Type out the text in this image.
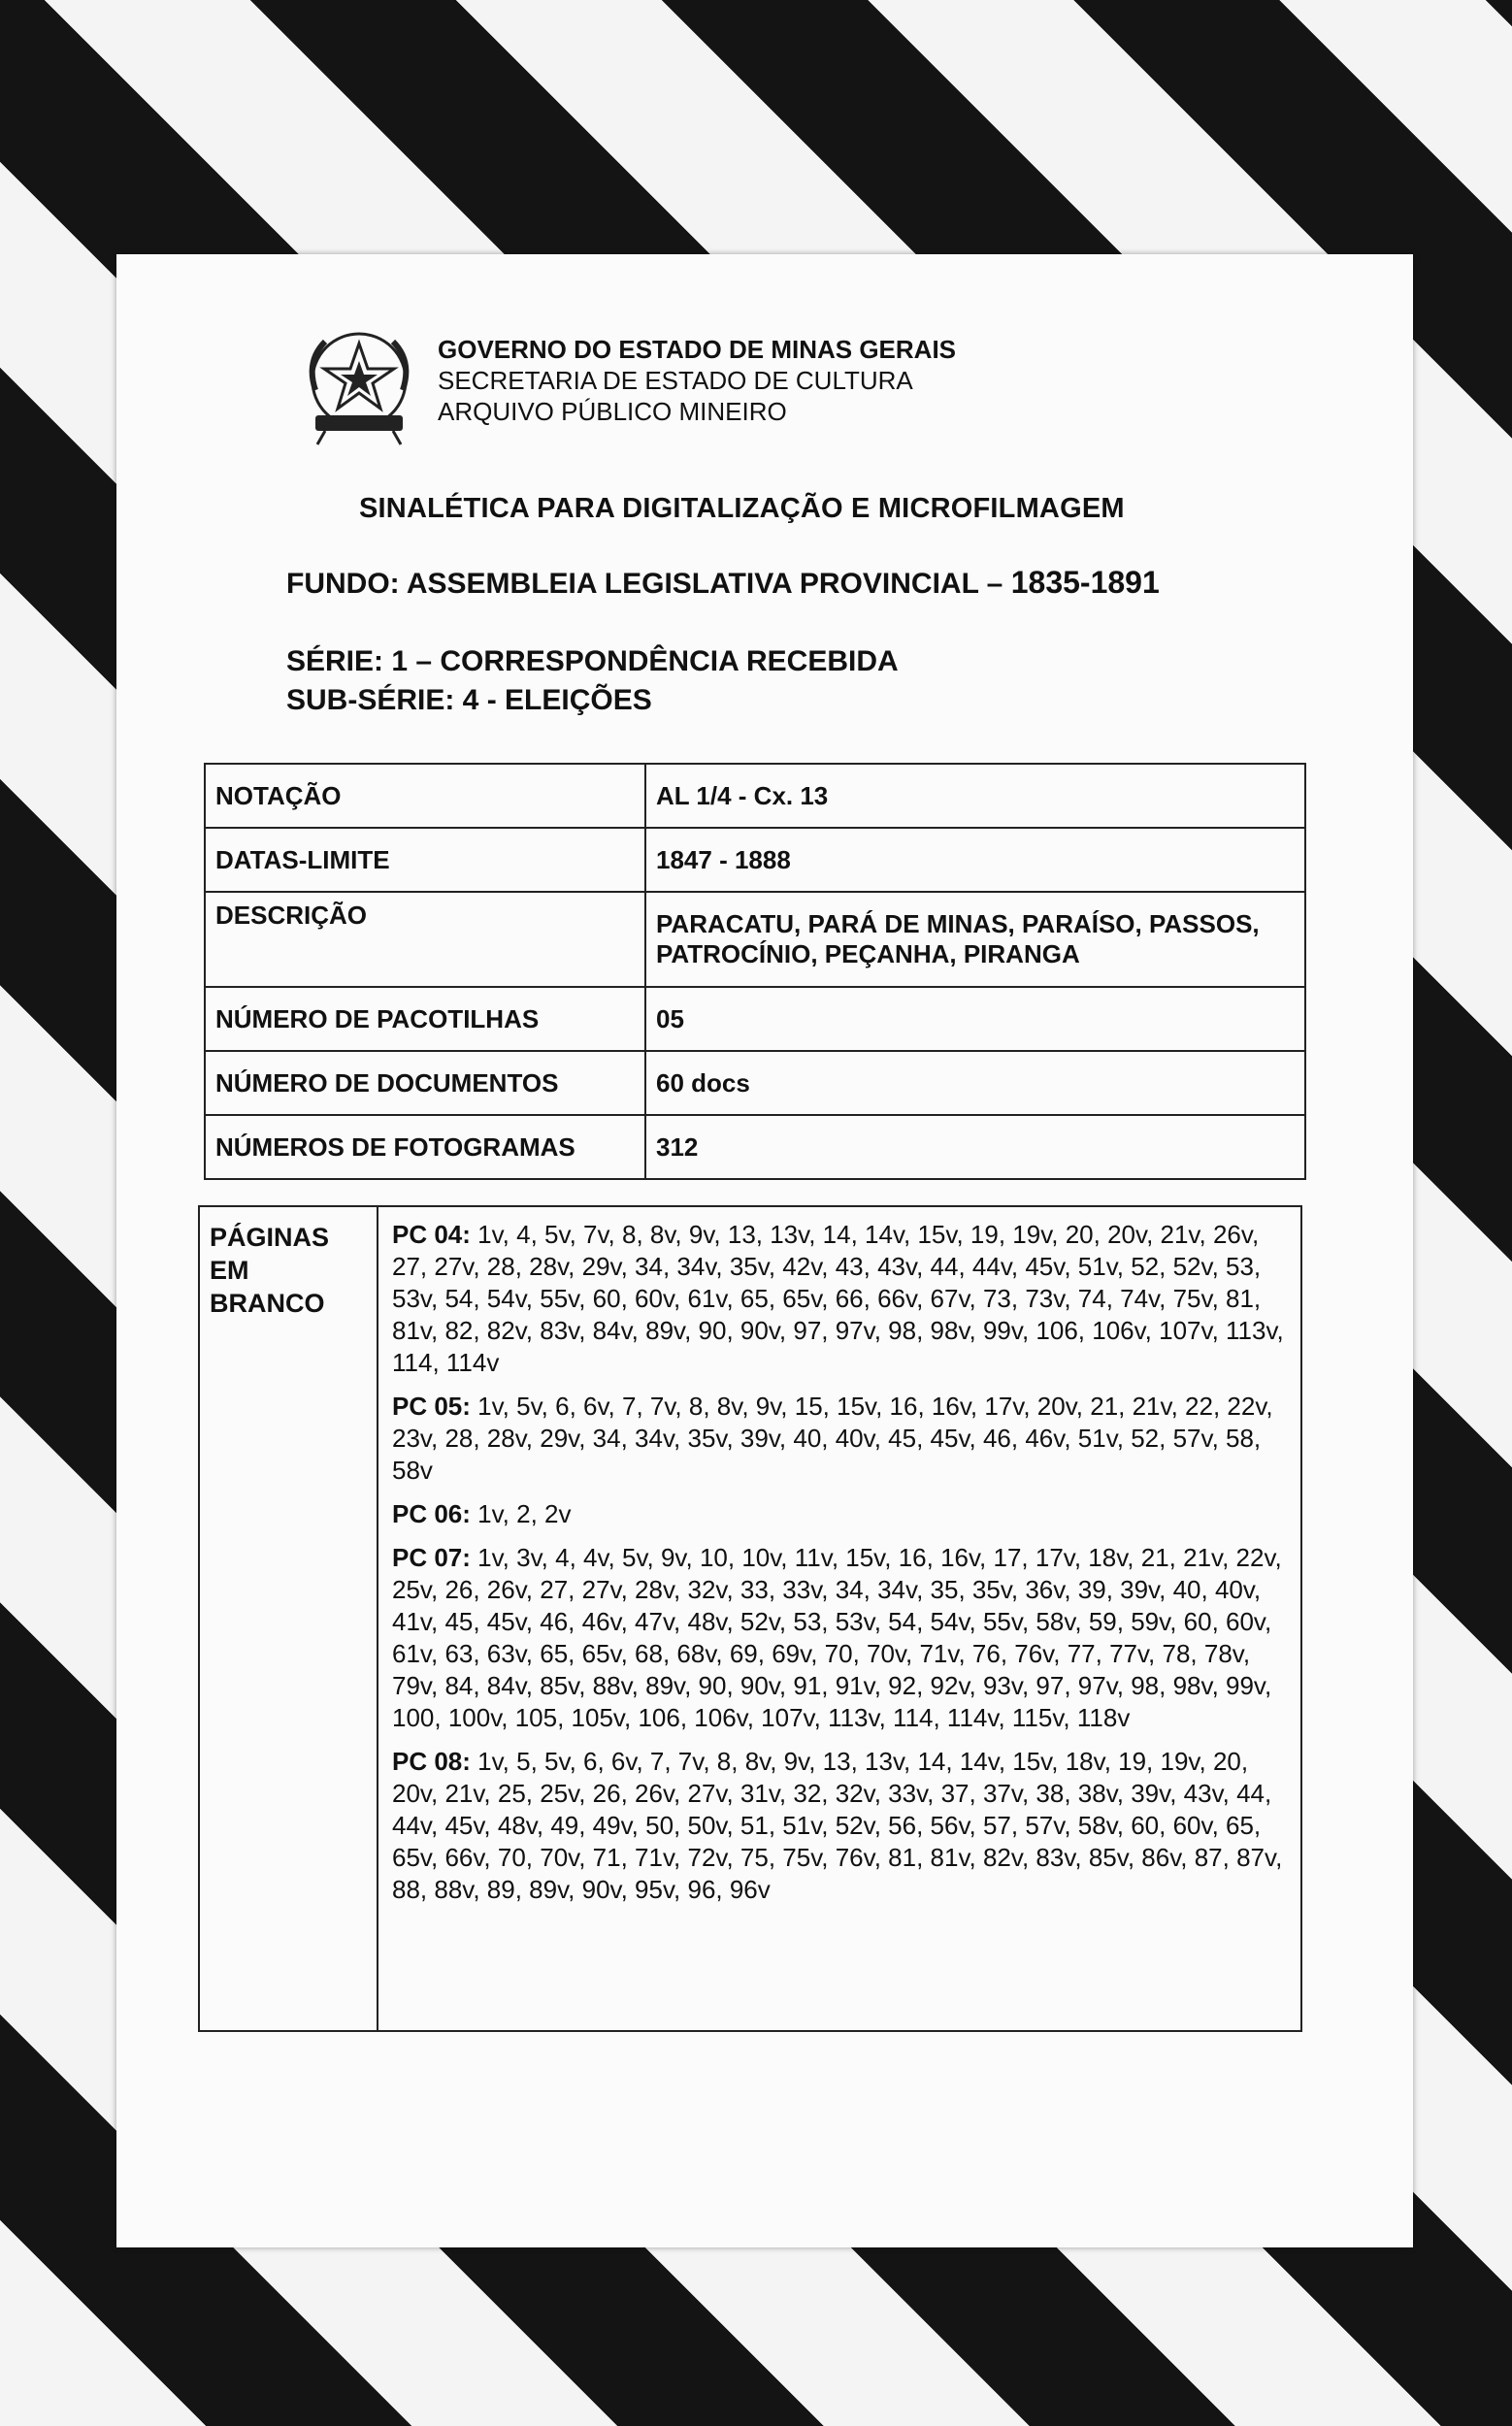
GOVERNO DO ESTADO DE MINAS GERAIS
SECRETARIA DE ESTADO DE CULTURA
ARQUIVO PÚBLICO MINEIRO
SINALÉTICA PARA DIGITALIZAÇÃO E MICROFILMAGEM
FUNDO: ASSEMBLEIA LEGISLATIVA PROVINCIAL – 1835-1891
SÉRIE: 1 – CORRESPONDÊNCIA RECEBIDA
SUB-SÉRIE: 4 - ELEIÇÕES
NOTAÇÃO	AL 1/4 - Cx. 13
DATAS-LIMITE	1847 - 1888
DESCRIÇÃO	PARACATU, PARÁ DE MINAS, PARAÍSO, PASSOS, PATROCÍNIO, PEÇANHA, PIRANGA
NÚMERO DE PACOTILHAS	05
NÚMERO DE DOCUMENTOS	60 docs
NÚMEROS DE FOTOGRAMAS	312
PÁGINAS EM BRANCO
PC 04: 1v, 4, 5v, 7v, 8, 8v, 9v, 13, 13v, 14, 14v, 15v, 19, 19v, 20, 20v, 21v, 26v, 27, 27v, 28, 28v, 29v, 34, 34v, 35v, 42v, 43, 43v, 44, 44v, 45v, 51v, 52, 52v, 53, 53v, 54, 54v, 55v, 60, 60v, 61v, 65, 65v, 66, 66v, 67v, 73, 73v, 74, 74v, 75v, 81, 81v, 82, 82v, 83v, 84v, 89v, 90, 90v, 97, 97v, 98, 98v, 99v, 106, 106v, 107v, 113v, 114, 114v
PC 05: 1v, 5v, 6, 6v, 7, 7v, 8, 8v, 9v, 15, 15v, 16, 16v, 17v, 20v, 21, 21v, 22, 22v, 23v, 28, 28v, 29v, 34, 34v, 35v, 39v, 40, 40v, 45, 45v, 46, 46v, 51v, 52, 57v, 58, 58v
PC 06: 1v, 2, 2v
PC 07: 1v, 3v, 4, 4v, 5v, 9v, 10, 10v, 11v, 15v, 16, 16v, 17, 17v, 18v, 21, 21v, 22v, 25v, 26, 26v, 27, 27v, 28v, 32v, 33, 33v, 34, 34v, 35, 35v, 36v, 39, 39v, 40, 40v, 41v, 45, 45v, 46, 46v, 47v, 48v, 52v, 53, 53v, 54, 54v, 55v, 58v, 59, 59v, 60, 60v, 61v, 63, 63v, 65, 65v, 68, 68v, 69, 69v, 70, 70v, 71v, 76, 76v, 77, 77v, 78, 78v, 79v, 84, 84v, 85v, 88v, 89v, 90, 90v, 91, 91v, 92, 92v, 93v, 97, 97v, 98, 98v, 99v, 100, 100v, 105, 105v, 106, 106v, 107v, 113v, 114, 114v, 115v, 118v
PC 08: 1v, 5, 5v, 6, 6v, 7, 7v, 8, 8v, 9v, 13, 13v, 14, 14v, 15v, 18v, 19, 19v, 20, 20v, 21v, 25, 25v, 26, 26v, 27v, 31v, 32, 32v, 33v, 37, 37v, 38, 38v, 39v, 43v, 44, 44v, 45v, 48v, 49, 49v, 50, 50v, 51, 51v, 52v, 56, 56v, 57, 57v, 58v, 60, 60v, 65, 65v, 66v, 70, 70v, 71, 71v, 72v, 75, 75v, 76v, 81, 81v, 82v, 83v, 85v, 86v, 87, 87v, 88, 88v, 89, 89v, 90v, 95v, 96, 96v
